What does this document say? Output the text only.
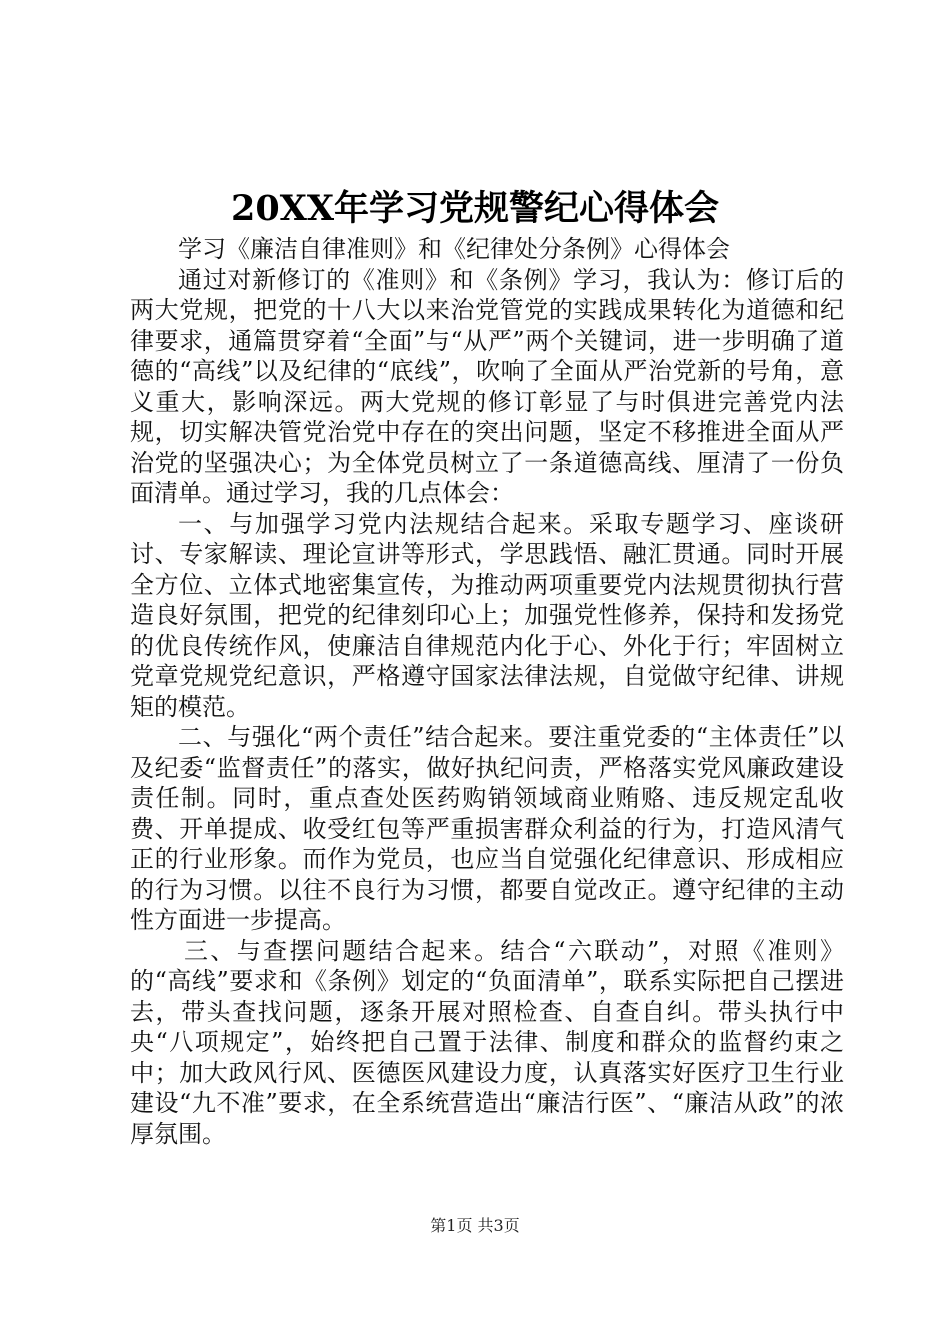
20XX年学习党规警纪心得体会
学习《廉洁自律准则》和《纪律处分条例》心得体会

通过对新修订的《准则》和《条例》学习，我认为：修订后的两大党规，把党的十八大以来治党管党的实践成果转化为道德和纪律要求，通篇贯穿着“全面”与“从严”两个关键词，进一步明确了道德的“高线”以及纪律的“底线”，吹响了全面从严治党新的号角，意义重大，影响深远。两大党规的修订彰显了与时俱进完善党内法规，切实解决管党治党中存在的突出问题，坚定不移推进全面从严治党的坚强决心；为全体党员树立了一条道德高线、厘清了一份负面清单。通过学习，我的几点体会：

一、与加强学习党内法规结合起来。采取专题学习、座谈研讨、专家解读、理论宣讲等形式，学思践悟、融汇贯通。同时开展全方位、立体式地密集宣传，为推动两项重要党内法规贯彻执行营造良好氛围，把党的纪律刻印心上；加强党性修养，保持和发扬党的优良传统作风，使廉洁自律规范内化于心、外化于行；牢固树立党章党规党纪意识，严格遵守国家法律法规，自觉做守纪律、讲规矩的模范。

二、与强化“两个责任”结合起来。要注重党委的“主体责任”以及纪委“监督责任”的落实，做好执纪问责，严格落实党风廉政建设责任制。同时，重点查处医药购销领域商业贿赂、违反规定乱收费、开单提成、收受红包等严重损害群众利益的行为，打造风清气正的行业形象。而作为党员，也应当自觉强化纪律意识、形成相应的行为习惯。以往不良行为习惯，都要自觉改正。遵守纪律的主动性方面进一步提高。

三、与查摆问题结合起来。结合“六联动”，对照《准则》的“高线”要求和《条例》划定的“负面清单”，联系实际把自己摆进去，带头查找问题，逐条开展对照检查、自查自纠。带头执行中央“八项规定”，始终把自己置于法律、制度和群众的监督约束之中；加大政风行风、医德医风建设力度，认真落实好医疗卫生行业建设“九不准”要求，在全系统营造出“廉洁行医”、“廉洁从政”的浓厚氛围。

第1页 共3页
